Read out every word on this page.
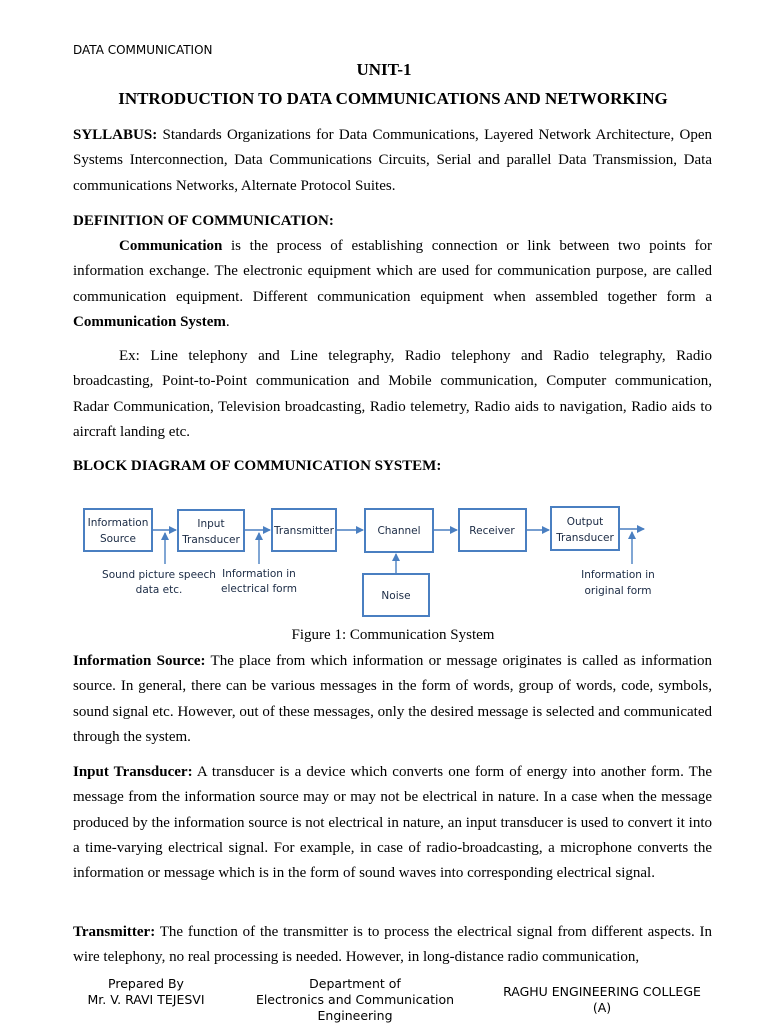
DATA COMMUNICATION
UNIT-1
INTRODUCTION TO DATA COMMUNICATIONS AND NETWORKING
SYLLABUS: Standards Organizations for Data Communications, Layered Network Architecture, Open Systems Interconnection, Data Communications Circuits, Serial and parallel Data Transmission, Data communications Networks, Alternate Protocol Suites.
DEFINITION OF COMMUNICATION:
Communication is the process of establishing connection or link between two points for information exchange. The electronic equipment which are used for communication purpose, are called communication equipment. Different communication equipment when assembled together form a Communication System.
Ex: Line telephony and Line telegraphy, Radio telephony and Radio telegraphy, Radio broadcasting, Point-to-Point communication and Mobile communication, Computer communication, Radar Communication, Television broadcasting, Radio telemetry, Radio aids to navigation, Radio aids to aircraft landing etc.
BLOCK DIAGRAM OF COMMUNICATION SYSTEM:
Information
Source
Input
Transducer
Transmitter	Channel	Receiver
Output
Transducer
Noise
Sound picture speech
data etc.
Information in
electrical form
Information in
original form
Figure 1: Communication System
Information Source: The place from which information or message originates is called as information source. In general, there can be various messages in the form of words, group of words, code, symbols, sound signal etc. However, out of these messages, only the desired message is selected and communicated through the system.
Input Transducer: A transducer is a device which converts one form of energy into another form. The message from the information source may or may not be electrical in nature. In a case when the message produced by the information source is not electrical in nature, an input transducer is used to convert it into a time-varying electrical signal. For example, in case of radio-broadcasting, a microphone converts the information or message which is in the form of sound waves into corresponding electrical signal.
Transmitter: The function of the transmitter is to process the electrical signal from different aspects. In wire telephony, no real processing is needed. However, in long-distance radio communication,
Prepared By
Mr. V. RAVI TEJESVI
Department of
Electronics and Communication Engineering
RAGHU ENGINEERING COLLEGE (A)
